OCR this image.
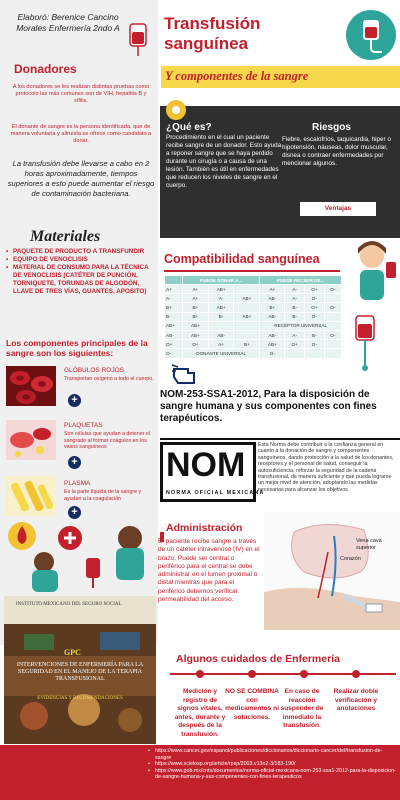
Elaboró: Berenice Cancino Morales Enfermería 2ndo A	Transfusión sanguínea
Y componentes de la sangre
Donadores
A los donadores se les realizan distintas pruebas como protocolo las más comunes son de VIH, hepatitis B y sífilis.
El donante de sangre es la persona identificada, que de manera voluntaria y altruista se ofrece como candidato a donar.
La transfusión debe llevarse a cabo en 2 horas aproximadamente, tiempos superiores a esto puede aumentar el riesgo de contaminación bacteriana.
Materiales
• PAQUETE DE PRODUCTO A TRANSFUNDIR
• EQUIPO DE VENOCLISIS
• MATERIAL DE CONSUMO PARA LA TÉCNICA DE VENOCLISIS (CATÉTER DE PUNCIÓN, TORNIQUETE, TORUNDAS DE ALGODÓN, LLAVE DE TRES VÍAS, GUANTES, APOSITO)
Los componentes principales de la sangre son los siguientes:
GLÓBULOS ROJOS
Transportan oxígeno a todo el cuerpo.
+
PLAQUETAS
Son células que ayudan a detener el sangrado al formar coágulos en los vasos sanguíneos
+
PLASMA
Es la parte líquida de la sangre y ayudan a la coagulación
+
INSTITUTO MEXICANO DEL SEGURO SOCIAL
GPC
INTERVENCIONES DE ENFERMERÍA PARA LA SEGURIDAD EN EL MANEJO DE LA TERAPIA TRANSFUSIONAL
EVIDENCIAS Y RECOMENDACIONES
¿Qué es?
Procedimiento en el cual un paciente recibe sangre de un donador. Esto ayuda a reponer sangre que se haya perdido durante un cirugía o a causa de una lesión. También es útil en enfermedades que reducen los niveles de sangre en el cuerpo.
Riesgos
Fiebre, escalofríos, taquicardia, hiper o hipotensión, náuseas, dolor muscular, disnea o contraer enfermedades por mencionar algunos.
Ventajas
Compatibilidad sanguínea
	PUEDE DONAR A...			PUEDE RECIBIR DE...			
A+	A+	AB+		A+	A-	O+	O-
A-	A+	A-	AB+	AB-	A-	O-	
B+	B+	AB+		B+	B-	O+	O-
B-	B+	B-	AB+	AB-	B-	O-	
AB+	AB+			RECEPTOR UNIVERSAL			
AB-	AB+	AB-		AB-	A-	B-	O-
O+	O+	A+	B+	AB+	O+	O-	
O-	DONANTE UNIVERSAL			O-			
NOM-253-SSA1-2012, Para la disposición de sangre humana y sus componentes con fines terapéuticos.
NOM
NORMA OFICIAL MEXICANA
Esta Norma debe contribuir a la confianza general en cuanto a la donación de sangre y componentes sanguíneos, dando protección a la salud de los donantes, receptores y el personal de salud, conseguir la autosuficiencia, reforzar la seguridad de la cadena transfusional, de manera suficiente y que pueda lograrse un mejor nivel de atención, adoptando las medidas necesarias para alcanzar los objetivos.
Administración
El paciente recibe sangre a través de un catéter intravenoso (IV) en el brazo. Puede ser central o periférico para el central se debe administrar en el lumen proximal o distal mientras que para el periférico debemos verificar permeabilidad del acceso.
Vena cava superior
Corazón
Algunos cuidados de Enfermería
Medición y registro de signos vitales, antes, durante y después de la transfusión.
NO SE COMBINA con medicamentos ni soluciones.
En caso de reacción suspender de inmediato la transfusión.
Realizar doble verificación y anotaciones
• https://www.cancer.gov/espanol/publicaciones/diccionarios/diccionario-cancer/def/transfusion-de-sangre
• https://www.scielosp.org/article/rpsp/2003.v13n2-3/183-190/
• https://www.gob.mx/cnts/documentos/norma-oficial-mexicana-nom-253-ssa1-2012-para-la-disposicion-de-sangre-humana-y-sus-componentes-con-fines-terapeuticos
